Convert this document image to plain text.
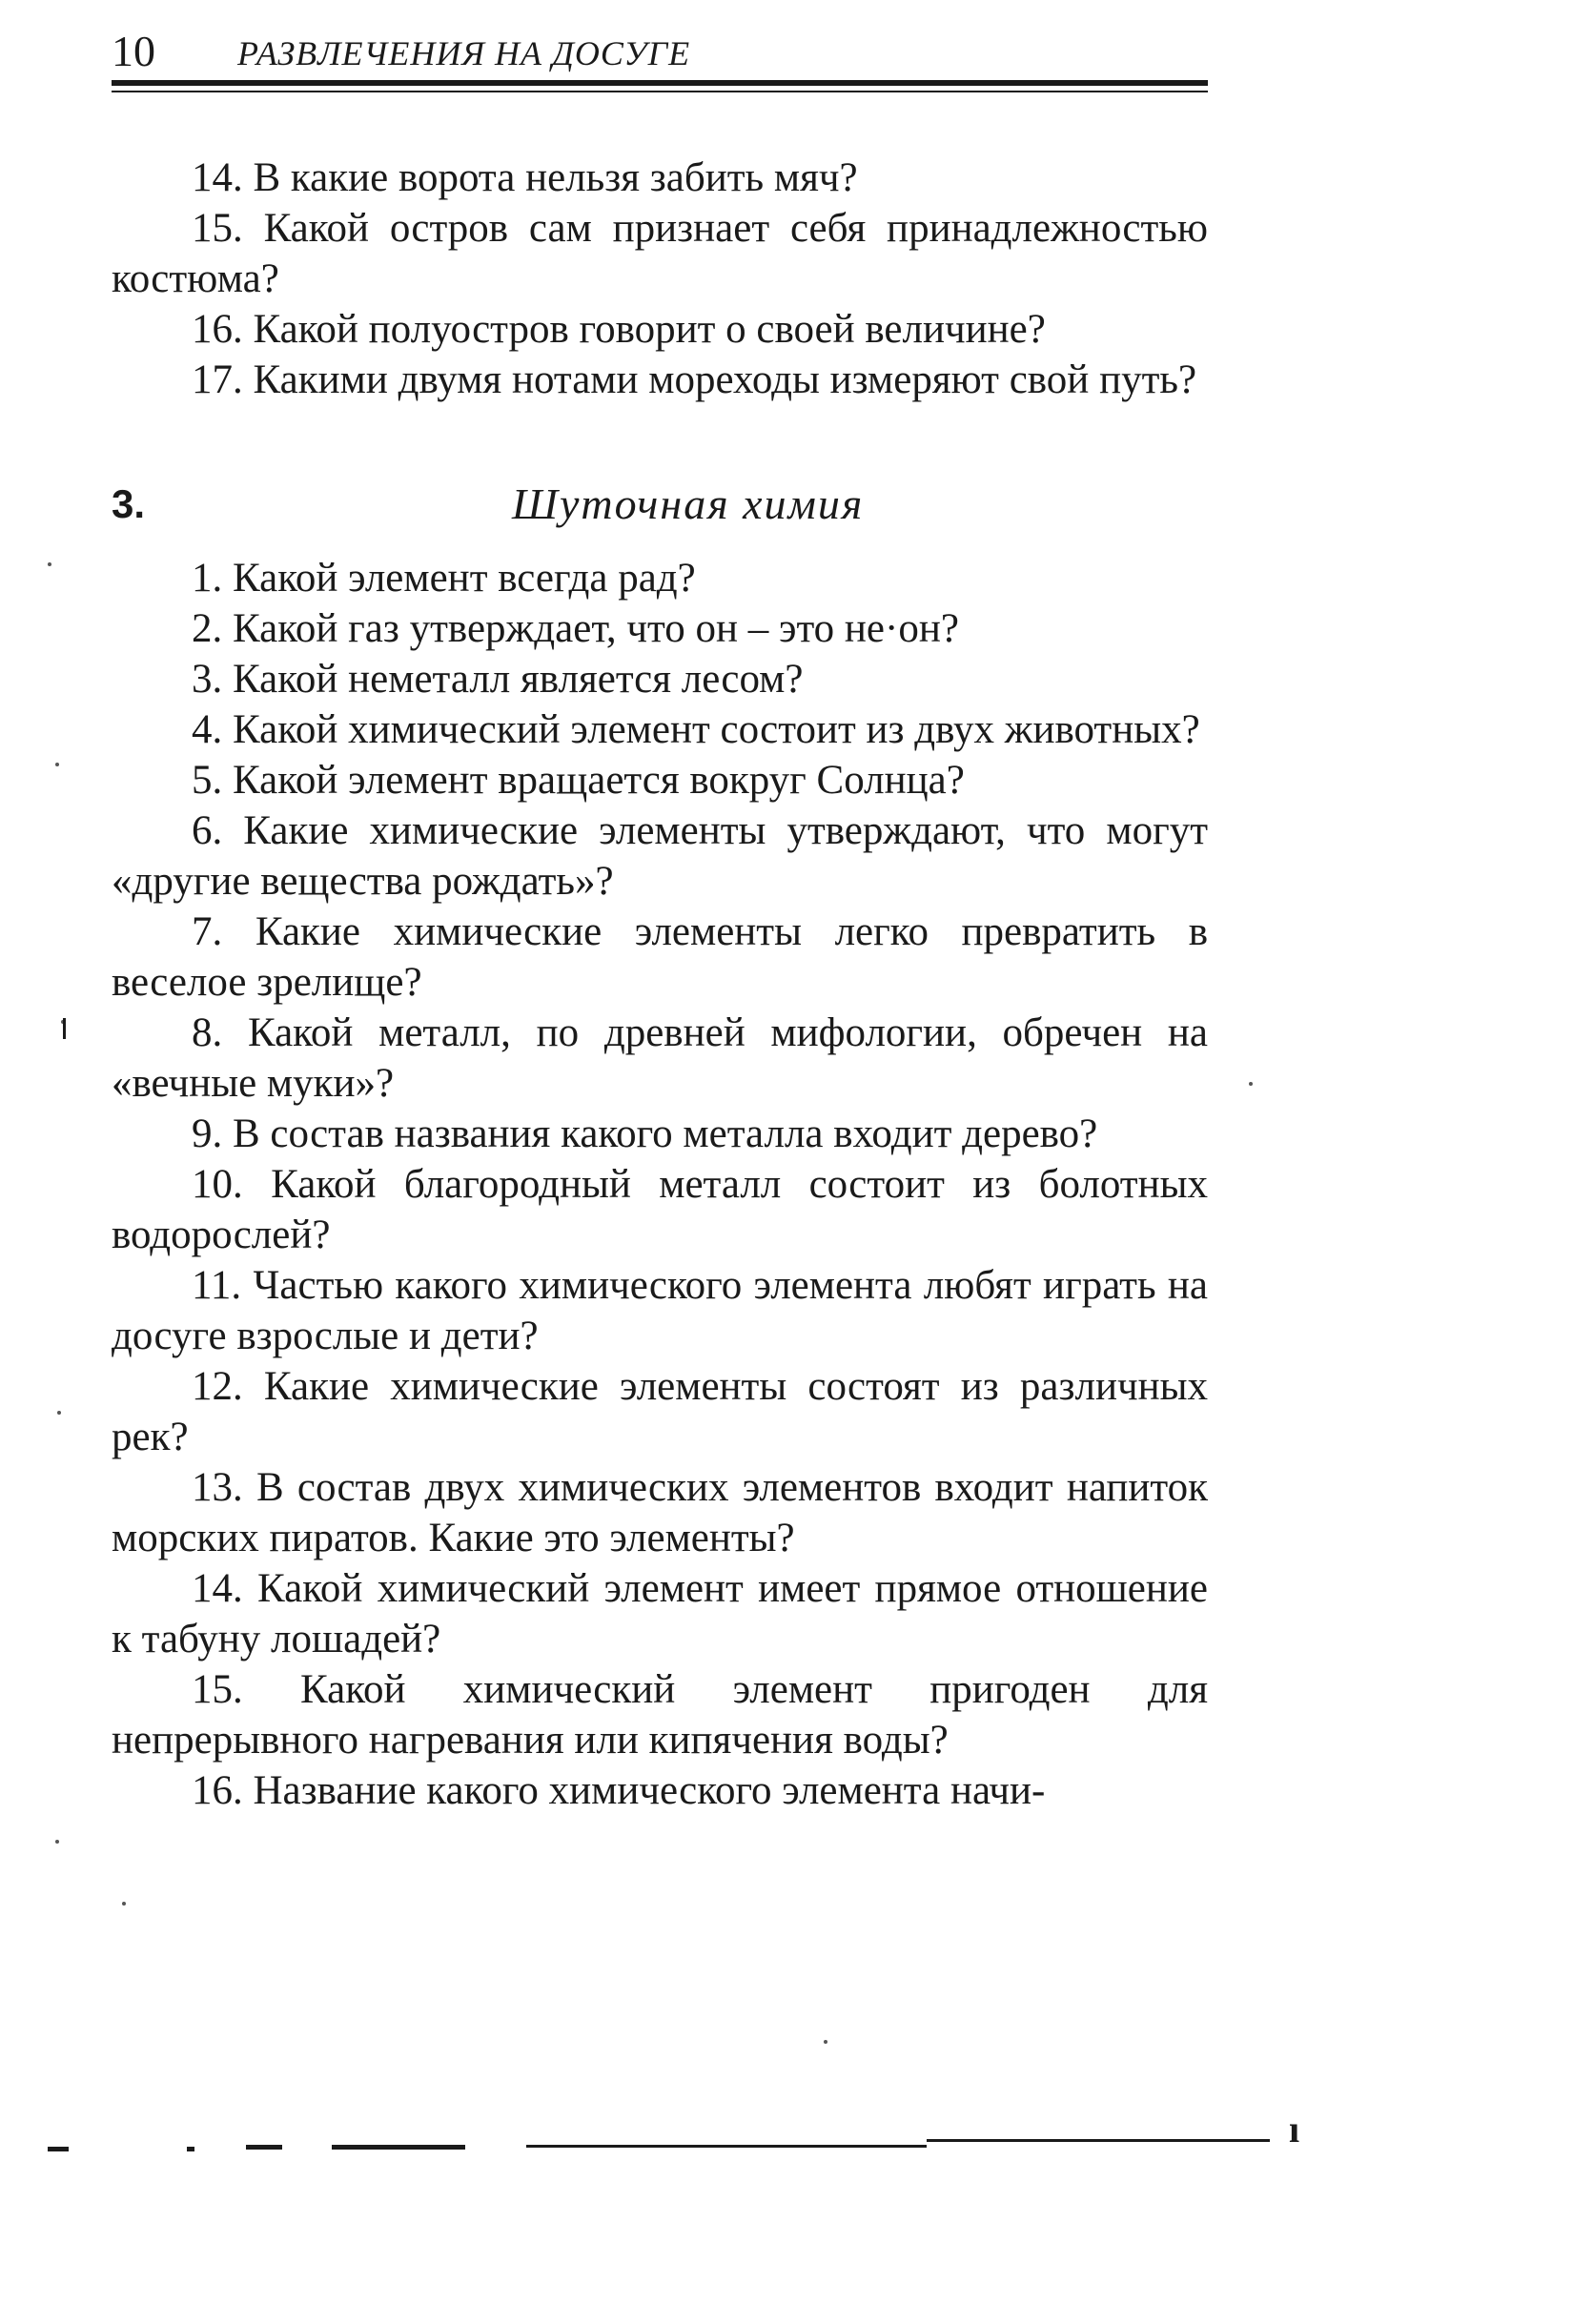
10 РАЗВЛЕЧЕНИЯ НА ДОСУГЕ

14. В какие ворота нельзя забить мяч?

15. Какой остров сам признает себя принадлежностью костюма?

16. Какой полуостров говорит о своей величине?

17. Какими двумя нотами мореходы измеряют свой путь?

3.	Шуточная химия

1. Какой элемент всегда рад?

2. Какой газ утверждает, что он – это не·он?

3. Какой неметалл является лесом?

4. Какой химический элемент состоит из двух животных?

5. Какой элемент вращается вокруг Солнца?

6. Какие химические элементы утверждают, что могут «другие вещества рождать»?

7. Какие химические элементы легко превратить в веселое зрелище?

8. Какой металл, по древней мифологии, обречен на «вечные муки»?

9. В состав названия какого металла входит дерево?

10. Какой благородный металл состоит из болотных водорослей?

11. Частью какого химического элемента любят играть на досуге взрослые и дети?

12. Какие химические элементы состоят из различных рек?

13. В состав двух химических элементов входит напиток морских пиратов. Какие это элементы?

14. Какой химический элемент имеет прямое отношение к табуну лошадей?

15. Какой химический элемент пригоден для непрерывного нагревания или кипячения воды?

16. Название какого химического элемента начи-

ı
